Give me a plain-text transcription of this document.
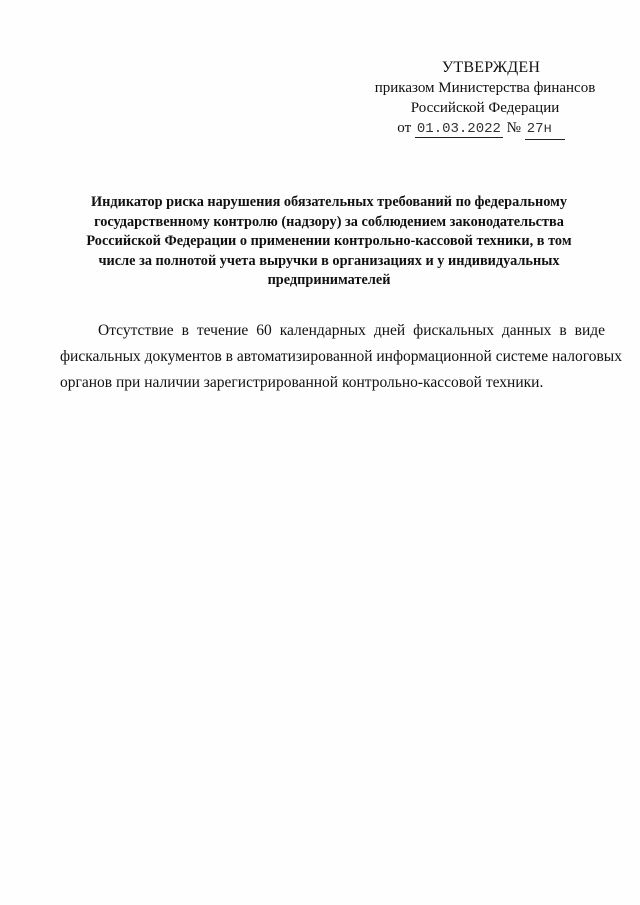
УТВЕРЖДЕН
приказом Министерства финансов
Российской Федерации
от 01.03.2022 № 27н
Индикатор риска нарушения обязательных требований по федеральному
государственному контролю (надзору) за соблюдением законодательства
Российской Федерации о применении контрольно-кассовой техники, в том
числе за полнотой учета выручки в организациях и у индивидуальных
предпринимателей
Отсутствие в течение 60 календарных дней фискальных данных в виде
фискальных документов в автоматизированной информационной системе налоговых
органов при наличии зарегистрированной контрольно-кассовой техники.
